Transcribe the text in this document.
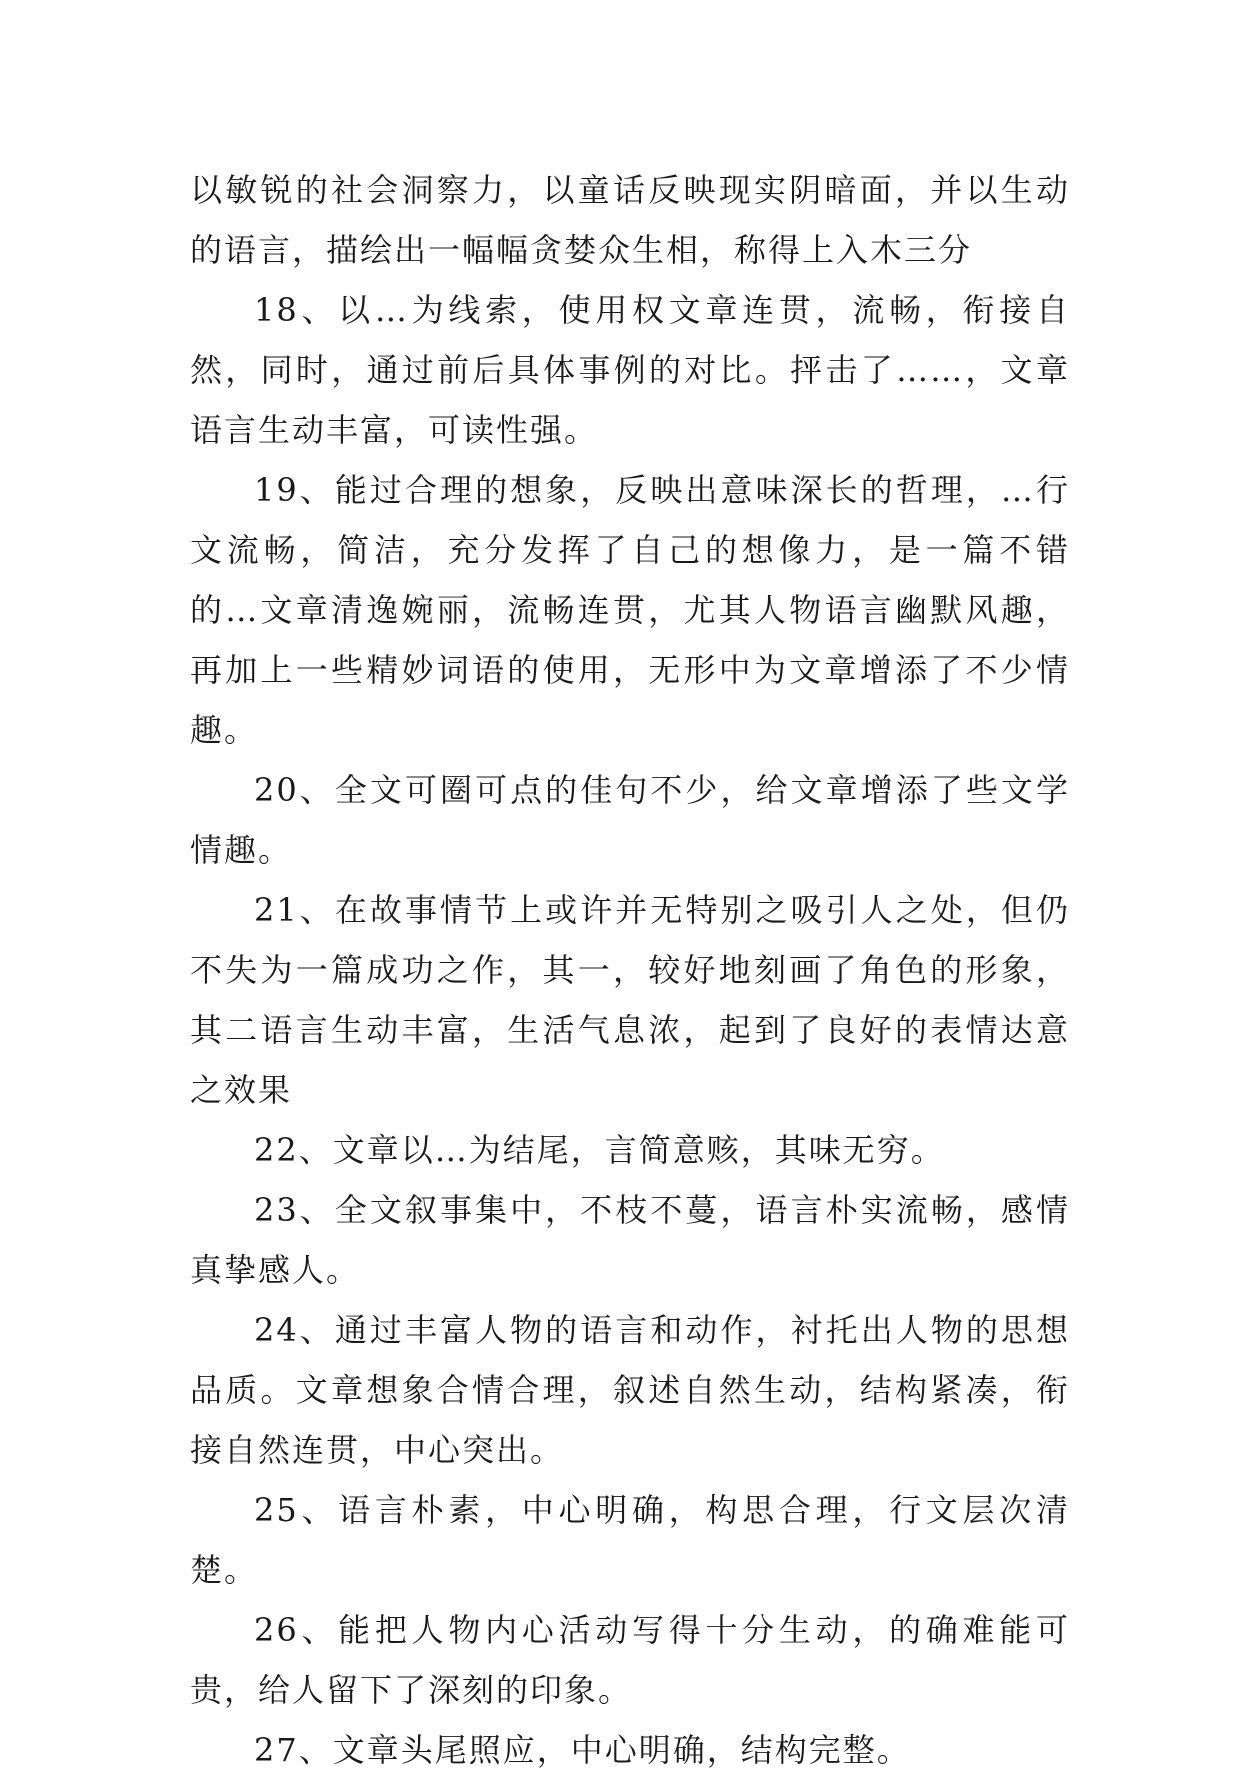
以敏锐的社会洞察力，以童话反映现实阴暗面，并以生动的语言，描绘出一幅幅贪婪众生相，称得上入木三分

18、以…为线索，使用权文章连贯，流畅，衔接自然，同时，通过前后具体事例的对比。抨击了……，文章语言生动丰富，可读性强。

19、能过合理的想象，反映出意味深长的哲理，…行文流畅，简洁，充分发挥了自己的想像力，是一篇不错的…文章清逸婉丽，流畅连贯，尤其人物语言幽默风趣，再加上一些精妙词语的使用，无形中为文章增添了不少情趣。

20、全文可圈可点的佳句不少，给文章增添了些文学情趣。

21、在故事情节上或许并无特别之吸引人之处，但仍不失为一篇成功之作，其一，较好地刻画了角色的形象，其二语言生动丰富，生活气息浓，起到了良好的表情达意之效果

22、文章以…为结尾，言简意赅，其味无穷。

23、全文叙事集中，不枝不蔓，语言朴实流畅，感情真挚感人。

24、通过丰富人物的语言和动作，衬托出人物的思想品质。文章想象合情合理，叙述自然生动，结构紧凑，衔接自然连贯，中心突出。

25、语言朴素，中心明确，构思合理，行文层次清楚。

26、能把人物内心活动写得十分生动，的确难能可贵，给人留下了深刻的印象。

27、文章头尾照应，中心明确，结构完整。
